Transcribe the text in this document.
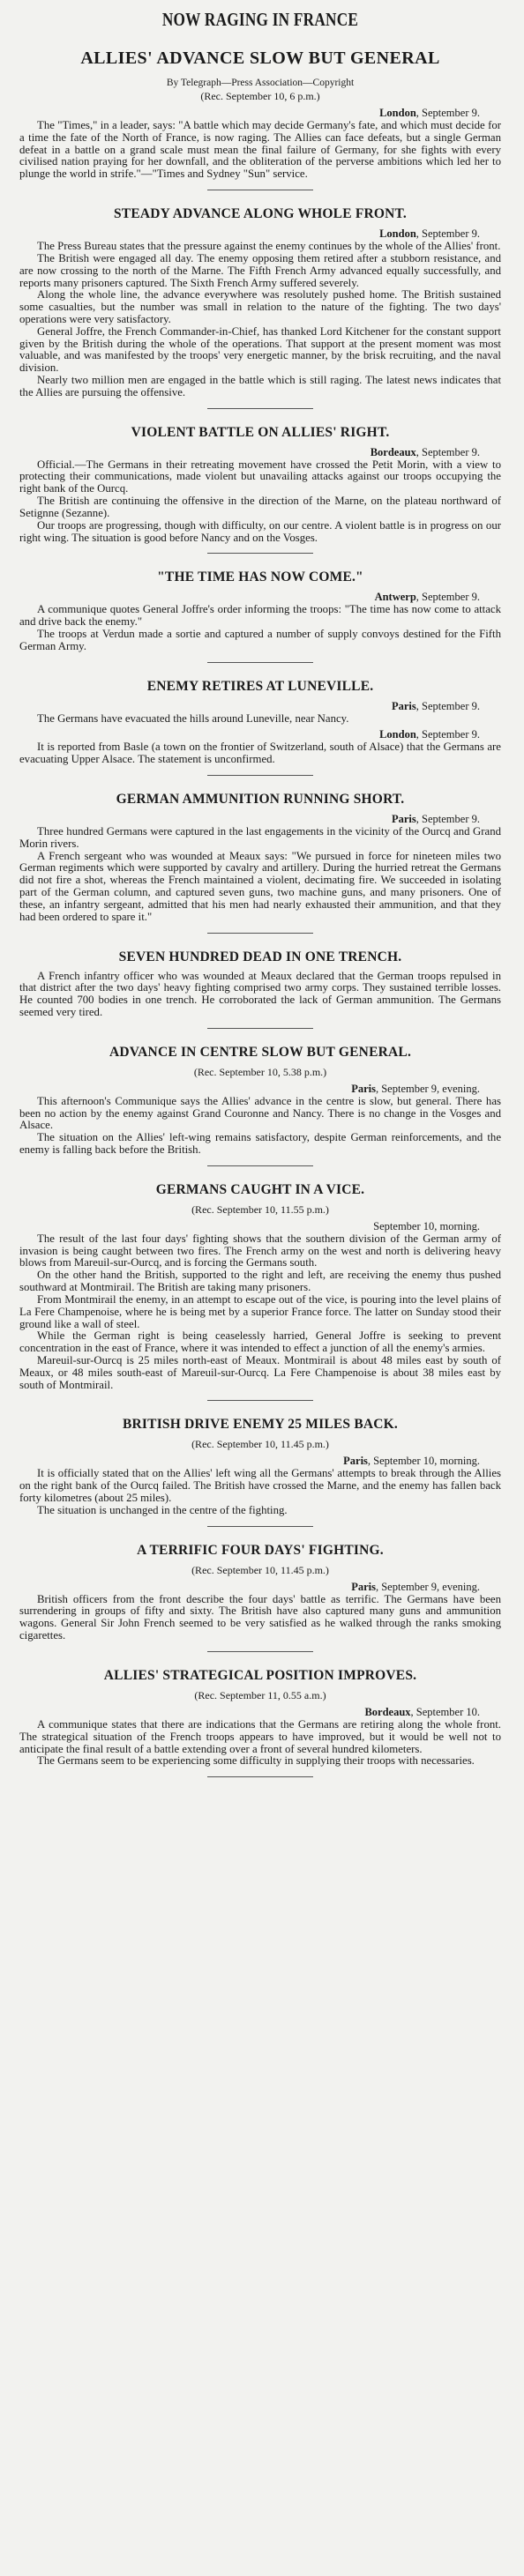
NOW RAGING IN FRANCE
ALLIES' ADVANCE SLOW BUT GENERAL
By Telegraph—Press Association—Copyright
(Rec. September 10, 6 p.m.)
London, September 9.

The "Times," in a leader, says: "A battle which may decide Germany's fate, and which must decide for a time the fate of the North of France, is now raging. The Allies can face defeats, but a single German defeat in a battle on a grand scale must mean the final failure of Germany, for she fights with every civilised nation praying for her downfall, and the obliteration of the perverse ambitions which led her to plunge the world in strife."—"Times and Sydney "Sun" service.

STEADY ADVANCE ALONG WHOLE FRONT.
London, September 9.

The Press Bureau states that the pressure against the enemy continues by the whole of the Allies' front.

The British were engaged all day. The enemy opposing them retired after a stubborn resistance, and are now crossing to the north of the Marne. The Fifth French Army advanced equally successfully, and reports many prisoners captured. The Sixth French Army suffered severely.

Along the whole line, the advance everywhere was resolutely pushed home. The British sustained some casualties, but the number was small in relation to the nature of the fighting. The two days' operations were very satisfactory.

General Joffre, the French Commander-in-Chief, has thanked Lord Kitchener for the constant support given by the British during the whole of the operations. That support at the present moment was most valuable, and was manifested by the troops' very energetic manner, by the brisk recruiting, and the naval division.

Nearly two million men are engaged in the battle which is still raging. The latest news indicates that the Allies are pursuing the offensive.

VIOLENT BATTLE ON ALLIES' RIGHT.
Bordeaux, September 9.

Official.—The Germans in their retreating movement have crossed the Petit Morin, with a view to protecting their communications, made violent but unavailing attacks against our troops occupying the right bank of the Ourcq.

The British are continuing the offensive in the direction of the Marne, on the plateau northward of Setignne (Sezanne).

Our troops are progressing, though with difficulty, on our centre. A violent battle is in progress on our right wing. The situation is good before Nancy and on the Vosges.

"THE TIME HAS NOW COME."
Antwerp, September 9.

A communique quotes General Joffre's order informing the troops: "The time has now come to attack and drive back the enemy."

The troops at Verdun made a sortie and captured a number of supply convoys destined for the Fifth German Army.

ENEMY RETIRES AT LUNEVILLE.
Paris, September 9.

The Germans have evacuated the hills around Luneville, near Nancy.

London, September 9.

It is reported from Basle (a town on the frontier of Switzerland, south of Alsace) that the Germans are evacuating Upper Alsace. The statement is unconfirmed.

GERMAN AMMUNITION RUNNING SHORT.
Paris, September 9.

Three hundred Germans were captured in the last engagements in the vicinity of the Ourcq and Grand Morin rivers.

A French sergeant who was wounded at Meaux says: "We pursued in force for nineteen miles two German regiments which were supported by cavalry and artillery. During the hurried retreat the Germans did not fire a shot, whereas the French maintained a violent, decimating fire. We succeeded in isolating part of the German column, and captured seven guns, two machine guns, and many prisoners. One of these, an infantry sergeant, admitted that his men had nearly exhausted their ammunition, and that they had been ordered to spare it."

SEVEN HUNDRED DEAD IN ONE TRENCH.

A French infantry officer who was wounded at Meaux declared that the German troops repulsed in that district after the two days' heavy fighting comprised two army corps. They sustained terrible losses. He counted 700 bodies in one trench. He corroborated the lack of German ammunition. The Germans seemed very tired.

ADVANCE IN CENTRE SLOW BUT GENERAL.
(Rec. September 10, 5.38 p.m.)
Paris, September 9, evening.

This afternoon's Communique says the Allies' advance in the centre is slow, but general. There has been no action by the enemy against Grand Couronne and Nancy. There is no change in the Vosges and Alsace.

The situation on the Allies' left-wing remains satisfactory, despite German reinforcements, and the enemy is falling back before the British.

GERMANS CAUGHT IN A VICE.
(Rec. September 10, 11.55 p.m.)
September 10, morning.

The result of the last four days' fighting shows that the southern division of the German army of invasion is being caught between two fires. The French army on the west and north is delivering heavy blows from Mareuil-sur-Ourcq, and is forcing the Germans south.

On the other hand the British, supported to the right and left, are receiving the enemy thus pushed southward at Montmirail. The British are taking many prisoners.

From Montmirail the enemy, in an attempt to escape out of the vice, is pouring into the level plains of La Fere Champenoise, where he is being met by a superior France force. The latter on Sunday stood their ground like a wall of steel.

While the German right is being ceaselessly harried, General Joffre is seeking to prevent concentration in the east of France, where it was intended to effect a junction of all the enemy's armies.

Mareuil-sur-Ourcq is 25 miles north-east of Meaux. Montmirail is about 48 miles east by south of Meaux, or 48 miles south-east of Mareuil-sur-Ourcq. La Fere Champenoise is about 38 miles east by south of Montmirail.

BRITISH DRIVE ENEMY 25 MILES BACK.
(Rec. September 10, 11.45 p.m.)
Paris, September 10, morning.

It is officially stated that on the Allies' left wing all the Germans' attempts to break through the Allies on the right bank of the Ourcq failed. The British have crossed the Marne, and the enemy has fallen back forty kilometres (about 25 miles).

The situation is unchanged in the centre of the fighting.

A TERRIFIC FOUR DAYS' FIGHTING.
(Rec. September 10, 11.45 p.m.)
Paris, September 9, evening.

British officers from the front describe the four days' battle as terrific. The Germans have been surrendering in groups of fifty and sixty. The British have also captured many guns and ammunition wagons. General Sir John French seemed to be very satisfied as he walked through the ranks smoking cigarettes.

ALLIES' STRATEGICAL POSITION IMPROVES.
(Rec. September 11, 0.55 a.m.)
Bordeaux, September 10.

A communique states that there are indications that the Germans are retiring along the whole front. The strategical situation of the French troops appears to have improved, but it would be well not to anticipate the final result of a battle extending over a front of several hundred kilometers.

The Germans seem to be experiencing some difficulty in supplying their troops with necessaries.
